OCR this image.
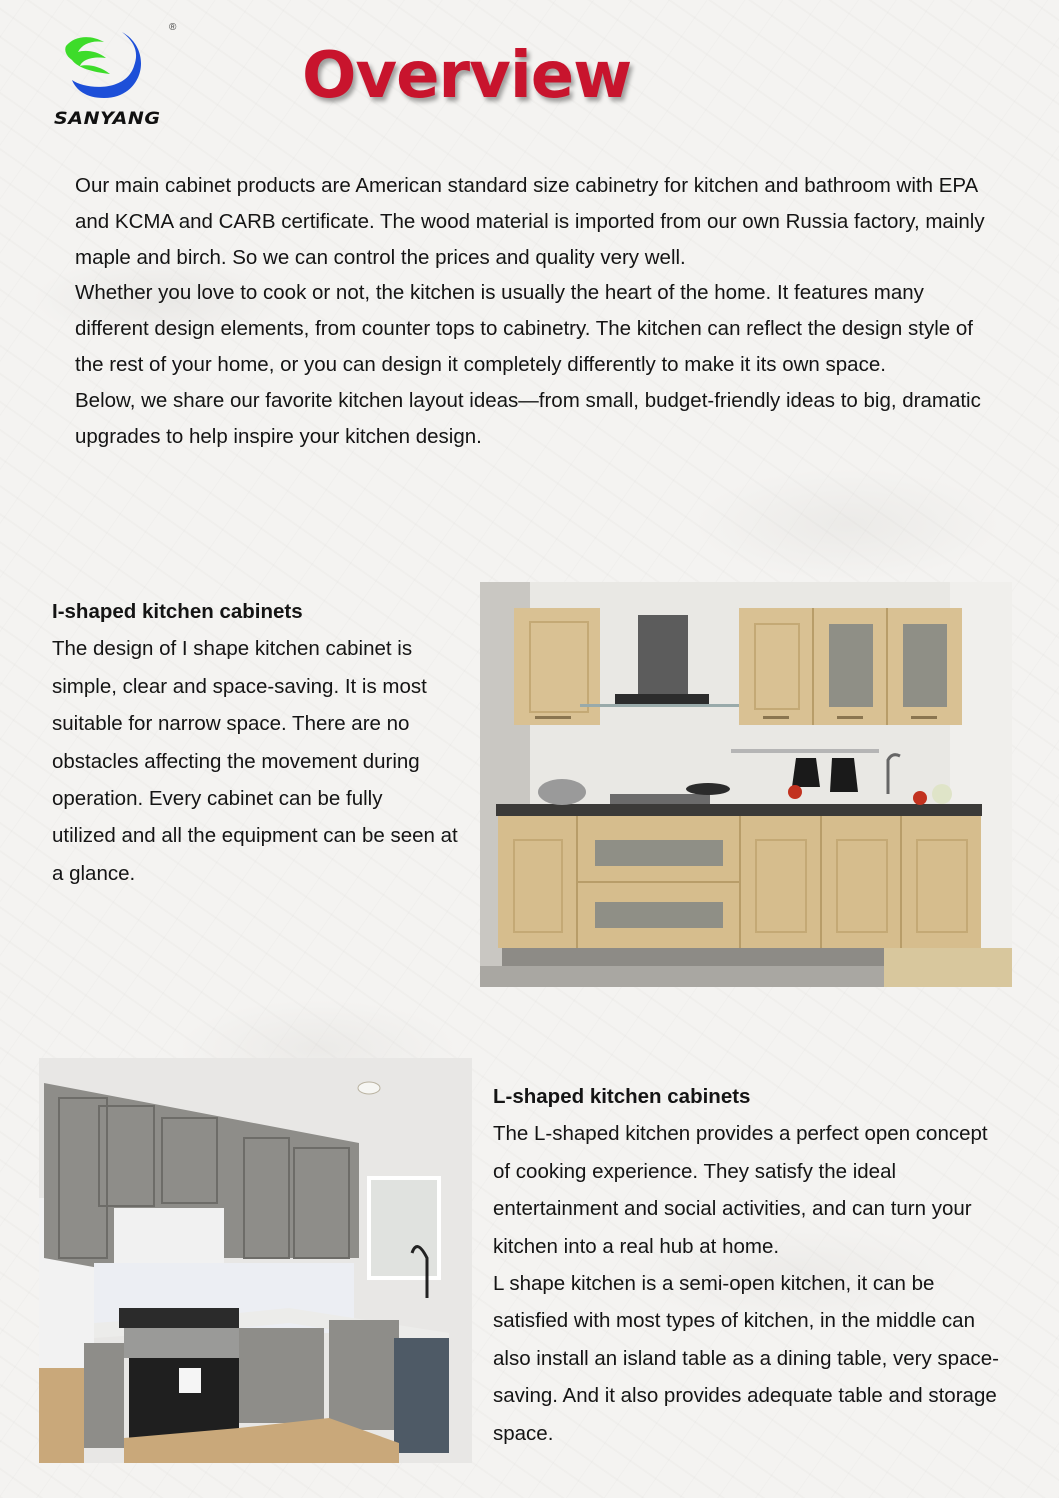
®
SANYANG
Overview

Our main cabinet products are American standard size cabinetry for kitchen and bathroom with EPA and KCMA and CARB certificate. The wood material is imported from our own Russia factory, mainly maple and birch. So we can control the prices and quality very well.

Whether you love to cook or not, the kitchen is usually the heart of the home. It features many different design elements, from counter tops to cabinetry. The kitchen can reflect the design style of the rest of your home, or you can design it completely differently to make it its own space.

Below, we share our favorite kitchen layout ideas—from small, budget-friendly ideas to big, dramatic upgrades to help inspire your kitchen design.

I-shaped kitchen cabinets

The design of I shape kitchen cabinet is simple, clear and space-saving. It is most suitable for narrow space. There are no obstacles affecting the movement during operation. Every cabinet can be fully

utilized and all the equipment can be seen at a glance.

L-shaped kitchen cabinets

The L-shaped kitchen provides a perfect open concept of cooking experience. They satisfy the ideal entertainment and social activities, and can turn your kitchen into a real hub at home.

L shape kitchen is a semi-open kitchen, it can be satisfied with most types of kitchen, in the middle can also install an island table as a dining table, very space-saving. And it also provides adequate table and storage space.
